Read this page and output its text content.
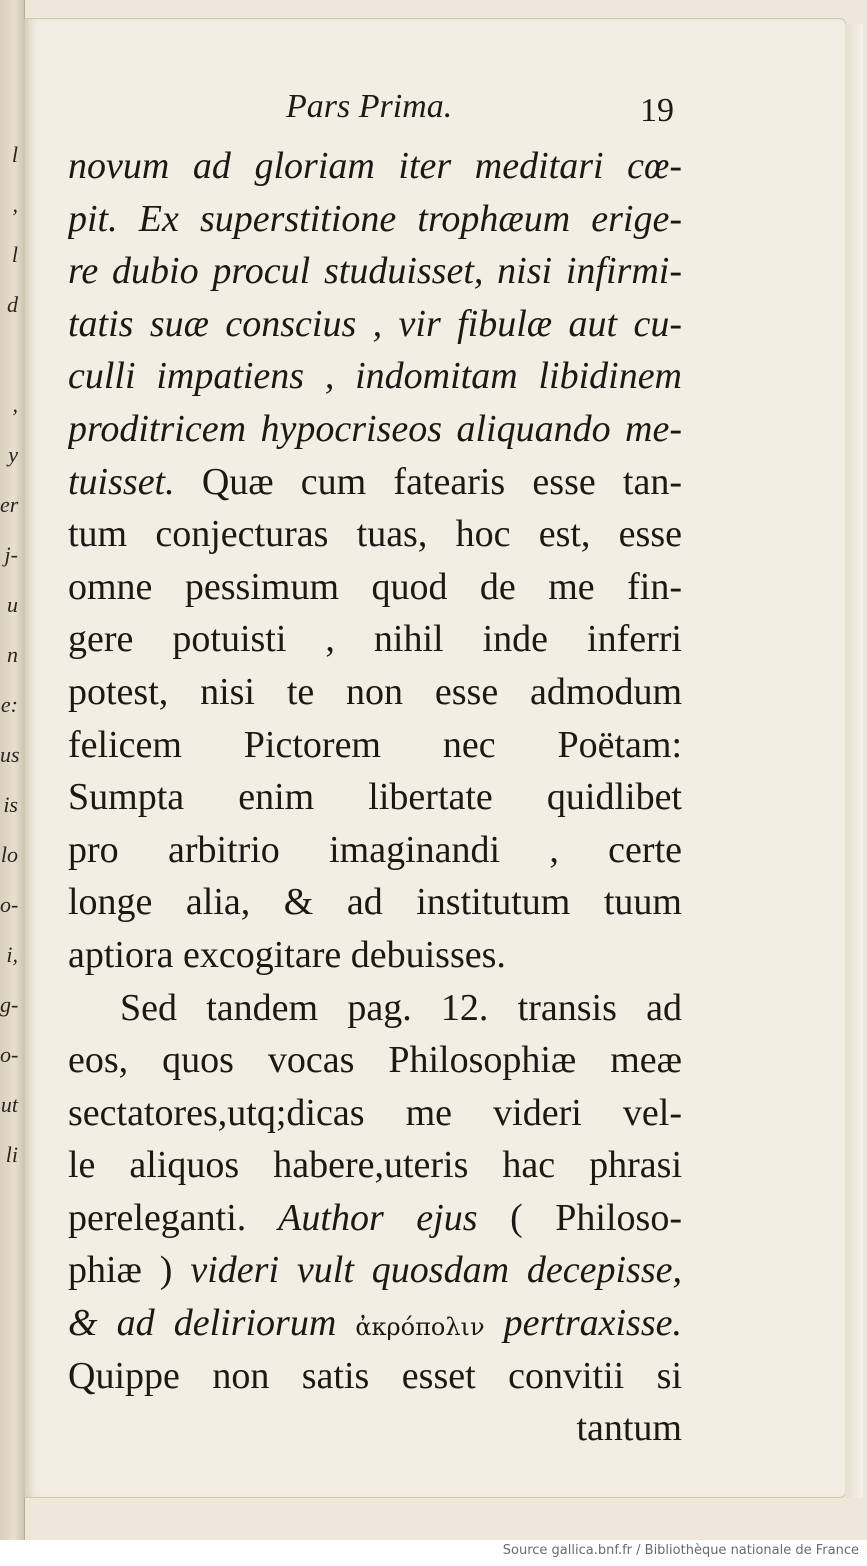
l
,
l
d
,
y
er
j-
u
n
e:
us
is
lo
o-
i,
g-
o-
ut
li
Pars Prima.	19
novum ad gloriam iter meditari cœ-
pit. Ex superstitione trophæum erige-
re dubio procul studuisset, nisi infirmi-
tatis suæ conscius , vir fibulæ aut cu-
culli impatiens , indomitam libidinem
proditricem hypocriseos aliquando me-
tuisset. Quæ cum fatearis esse tan-
tum conjecturas tuas, hoc est, esse
omne pessimum quod de me fin-
gere potuisti , nihil inde inferri
potest, nisi te non esse admodum
felicem Pictorem nec Poëtam:
Sumpta enim libertate quidlibet
pro arbitrio imaginandi , certe
longe alia, & ad institutum tuum
aptiora excogitare debuisses.
Sed tandem pag. 12. transis ad
eos, quos vocas Philosophiæ meæ
sectatores,utq;dicas me videri vel-
le aliquos habere,uteris hac phrasi
pereleganti. Author ejus ( Philoso-
phiæ ) videri vult quosdam decepisse,
& ad deliriorum ἀκρόπολιν pertraxisse.
Quippe non satis esset convitii si
tantum
Source gallica.bnf.fr / Bibliothèque nationale de France
